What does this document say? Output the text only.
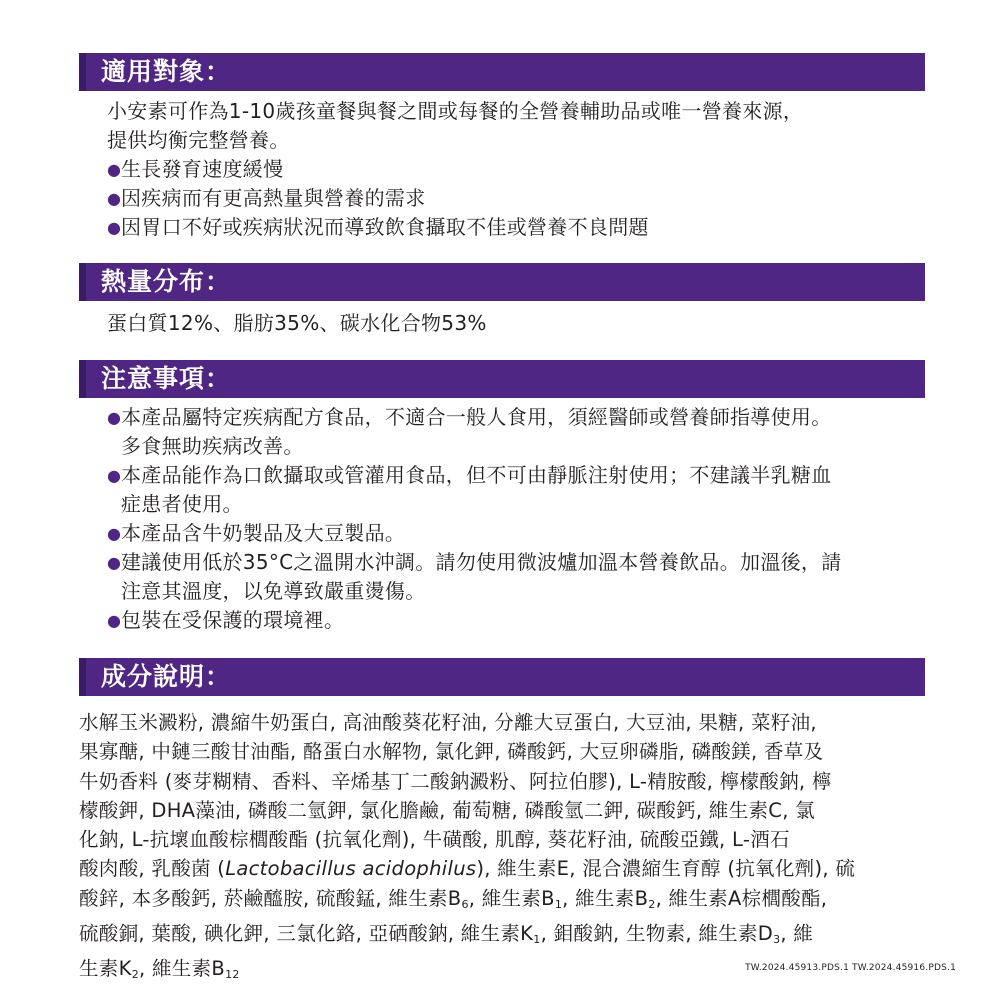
適用對象：
小安素可作為1-10歲孩童餐與餐之間或每餐的全營養輔助品或唯一營養來源，
提供均衡完整營養。
● 生長發育速度緩慢
● 因疾病而有更高熱量與營養的需求
● 因胃口不好或疾病狀況而導致飲食攝取不佳或營養不良問題
熱量分布：
蛋白質12%、脂肪35%、碳水化合物53%
注意事項：
● 本產品屬特定疾病配方食品，不適合一般人食用，須經醫師或營養師指導使用。
多食無助疾病改善。
● 本產品能作為口飲攝取或管灌用食品，但不可由靜脈注射使用；不建議半乳糖血
症患者使用。
● 本產品含牛奶製品及大豆製品。
● 建議使用低於35°C之溫開水沖調。請勿使用微波爐加溫本營養飲品。加溫後，請
注意其溫度，以免導致嚴重燙傷。
● 包裝在受保護的環境裡。
成分說明：
水解玉米澱粉, 濃縮牛奶蛋白, 高油酸葵花籽油, 分離大豆蛋白, 大豆油, 果糖, 菜籽油,
果寡醣, 中鏈三酸甘油酯, 酪蛋白水解物, 氯化鉀, 磷酸鈣, 大豆卵磷脂, 磷酸鎂, 香草及
牛奶香料 (麥芽糊精、香料、辛烯基丁二酸鈉澱粉、阿拉伯膠), L-精胺酸, 檸檬酸鈉, 檸
檬酸鉀, DHA藻油, 磷酸二氫鉀, 氯化膽鹼, 葡萄糖, 磷酸氫二鉀, 碳酸鈣, 維生素C, 氯
化鈉, L-抗壞血酸棕櫚酸酯 (抗氧化劑), 牛磺酸, 肌醇, 葵花籽油, 硫酸亞鐵, L-酒石
酸肉酸, 乳酸菌 (Lactobacillus acidophilus), 維生素E, 混合濃縮生育醇 (抗氧化劑), 硫
酸鋅, 本多酸鈣, 菸鹼醯胺, 硫酸錳, 維生素$B_6$, 維生素$B_1$, 維生素$B_2$, 維生素A棕櫚酸酯,
硫酸銅, 葉酸, 碘化鉀, 三氯化鉻, 亞硒酸鈉, 維生素$K_1$, 鉬酸鈉, 生物素, 維生素$D_3$, 維
生素$K_2$, 維生素$B_{12}$
TW.2024.45913.PDS.1 TW.2024.45916.PDS.1
